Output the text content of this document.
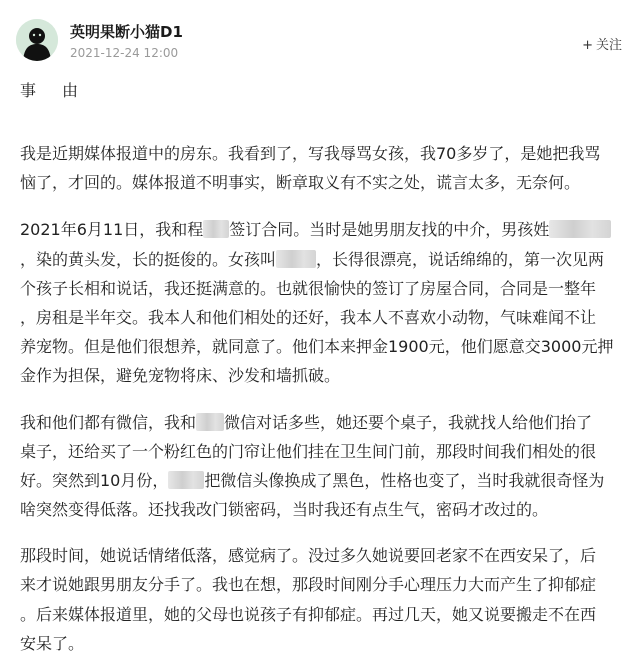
英明果断小猫D1
2021-12-24 12:00	+ 关注

事由

我是近期媒体报道中的房东。我看到了，写我辱骂女孩，我70多岁了，是她把我骂
恼了，才回的。媒体报道不明事实，断章取义有不实之处，谎言太多，无奈何。

2021年6月11日，我和程 签订合同。当时是她男朋友找的中介，男孩姓
，染的黄头发，长的挺俊的。女孩叫	，长得很漂亮，说话绵绵的，第一次见两
个孩子长相和说话，我还挺满意的。也就很愉快的签订了房屋合同，合同是一整年
，房租是半年交。我本人和他们相处的还好，我本人不喜欢小动物，气味难闻不让
养宠物。但是他们很想养，就同意了。他们本来押金1900元，他们愿意交3000元押
金作为担保，避免宠物将床、沙发和墙抓破。

我和他们都有微信，我和 微信对话多些，她还要个桌子，我就找人给他们抬了
桌子，还给买了一个粉红色的门帘让他们挂在卫生间门前，那段时间我们相处的很
好。突然到10月份， 把微信头像换成了黑色，性格也变了，当时我就很奇怪为
啥突然变得低落。还找我改门锁密码，当时我还有点生气，密码才改过的。

那段时间，她说话情绪低落，感觉病了。没过多久她说要回老家不在西安呆了，后
来才说她跟男朋友分手了。我也在想，那段时间刚分手心理压力大而产生了抑郁症
。后来媒体报道里，她的父母也说孩子有抑郁症。再过几天，她又说要搬走不在西
安呆了。
